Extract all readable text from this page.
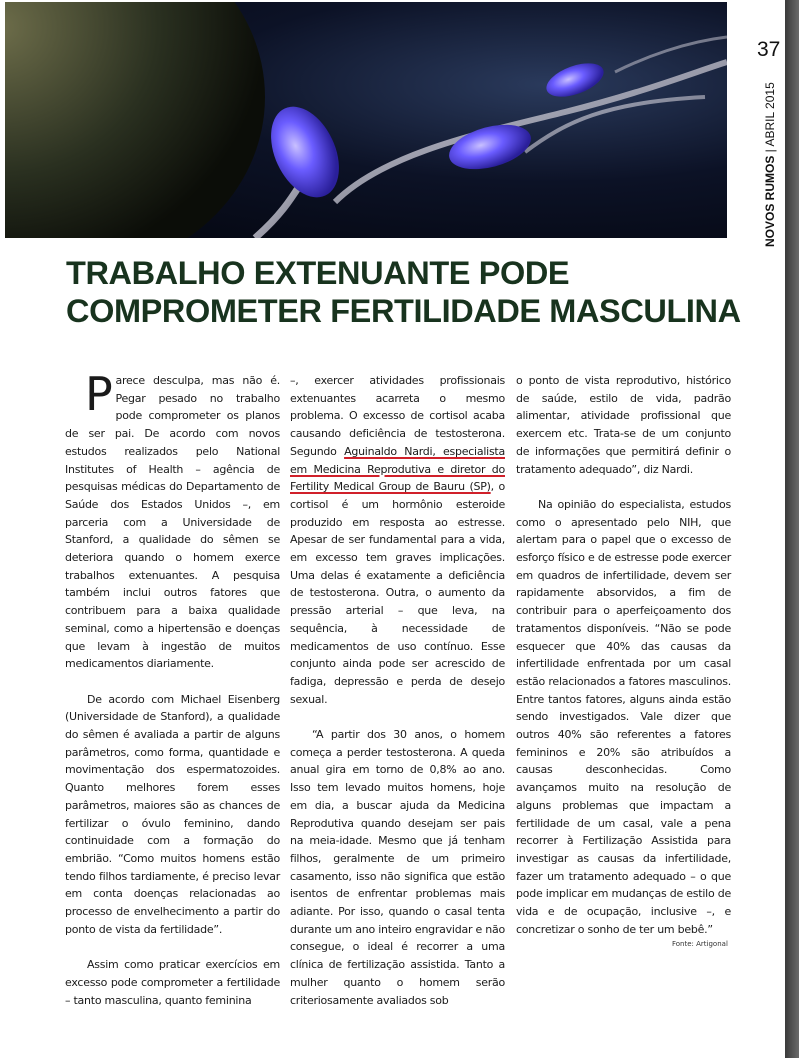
37
NOVOS RUMOS | ABRIL 2015
TRABALHO EXTENUANTE PODE
COMPROMETER FERTILIDADE MASCULINA

Parece desculpa, mas não é. Pegar pesado no trabalho pode comprometer os planos de ser pai. De acordo com novos estudos realizados pelo National Institutes of Health – agência de pesquisas médicas do Departamento de Saúde dos Estados Unidos –, em parceria com a Universidade de Stanford, a qualidade do sêmen se deteriora quando o homem exerce trabalhos extenuantes. A pesquisa também inclui outros fatores que contribuem para a baixa qualidade seminal, como a hipertensão e doenças que levam à ingestão de muitos medicamentos diariamente.

De acordo com Michael Eisenberg (Universidade de Stanford), a qualidade do sêmen é avaliada a partir de alguns parâmetros, como forma, quantidade e movimentação dos espermatozoides. Quanto melhores forem esses parâmetros, maiores são as chances de fertilizar o óvulo feminino, dando continuidade com a formação do embrião. “Como muitos homens estão tendo filhos tardiamente, é preciso levar em conta doenças relacionadas ao processo de envelhecimento a partir do ponto de vista da fertilidade”.

Assim como praticar exercícios em excesso pode comprometer a fertilidade – tanto masculina, quanto feminina

–, exercer atividades profissionais extenuantes acarreta o mesmo problema. O excesso de cortisol acaba causando deficiência de testosterona. Segundo Aguinaldo Nardi, especialista em Medicina Reprodutiva e diretor do Fertility Medical Group de Bauru (SP), o cortisol é um hormônio esteroide produzido em resposta ao estresse. Apesar de ser fundamental para a vida, em excesso tem graves implicações. Uma delas é exatamente a deficiência de testosterona. Outra, o aumento da pressão arterial – que leva, na sequência, à necessidade de medicamentos de uso contínuo. Esse conjunto ainda pode ser acrescido de fadiga, depressão e perda de desejo sexual.

“A partir dos 30 anos, o homem começa a perder testosterona. A queda anual gira em torno de 0,8% ao ano. Isso tem levado muitos homens, hoje em dia, a buscar ajuda da Medicina Reprodutiva quando desejam ser pais na meia-idade. Mesmo que já tenham filhos, geralmente de um primeiro casamento, isso não significa que estão isentos de enfrentar problemas mais adiante. Por isso, quando o casal tenta durante um ano inteiro engravidar e não consegue, o ideal é recorrer a uma clínica de fertilização assistida. Tanto a mulher quanto o homem serão criteriosamente avaliados sob

o ponto de vista reprodutivo, histórico de saúde, estilo de vida, padrão alimentar, atividade profissional que exercem etc. Trata-se de um conjunto de informações que permitirá definir o tratamento adequado”, diz Nardi.

Na opinião do especialista, estudos como o apresentado pelo NIH, que alertam para o papel que o excesso de esforço físico e de estresse pode exercer em quadros de infertilidade, devem ser rapidamente absorvidos, a fim de contribuir para o aperfeiçoamento dos tratamentos disponíveis. “Não se pode esquecer que 40% das causas da infertilidade enfrentada por um casal estão relacionados a fatores masculinos. Entre tantos fatores, alguns ainda estão sendo investigados. Vale dizer que outros 40% são referentes a fatores femininos e 20% são atribuídos a causas desconhecidas. Como avançamos muito na resolução de alguns problemas que impactam a fertilidade de um casal, vale a pena recorrer à Fertilização Assistida para investigar as causas da infertilidade, fazer um tratamento adequado – o que pode implicar em mudanças de estilo de vida e de ocupação, inclusive –, e concretizar o sonho de ter um bebê.”

Fonte: Artigonal
